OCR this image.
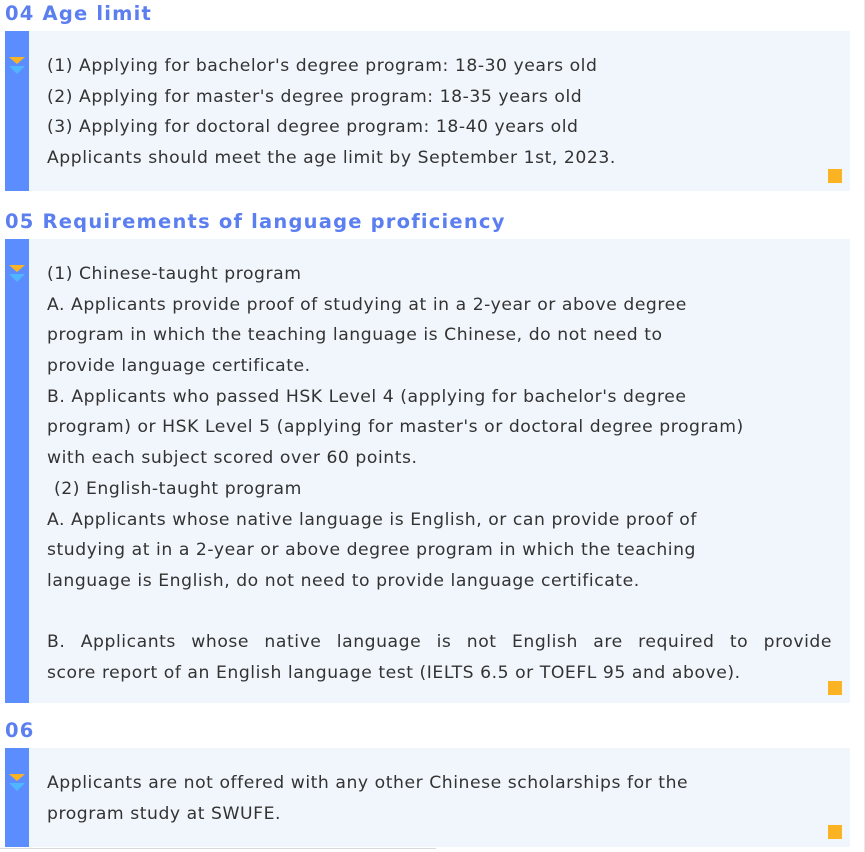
04 Age limit

(1) Applying for bachelor's degree program: 18-30 years old

(2) Applying for master's degree program: 18-35 years old

(3) Applying for doctoral degree program: 18-40 years old

Applicants should meet the age limit by September 1st, 2023.

05 Requirements of language proficiency

(1) Chinese-taught program

A. Applicants provide proof of studying at in a 2-year or above degree

program in which the teaching language is Chinese, do not need to

provide language certificate.

B. Applicants who passed HSK Level 4 (applying for bachelor's degree

program) or HSK Level 5 (applying for master's or doctoral degree program)

with each subject scored over 60 points.

(2) English-taught program

A. Applicants whose native language is English, or can provide proof of

studying at in a 2-year or above degree program in which the teaching

language is English, do not need to provide language certificate.

B. Applicants whose native language is not English are required to provide

score report of an English language test (IELTS 6.5 or TOEFL 95 and above).

06

Applicants are not offered with any other Chinese scholarships for the

program study at SWUFE.
